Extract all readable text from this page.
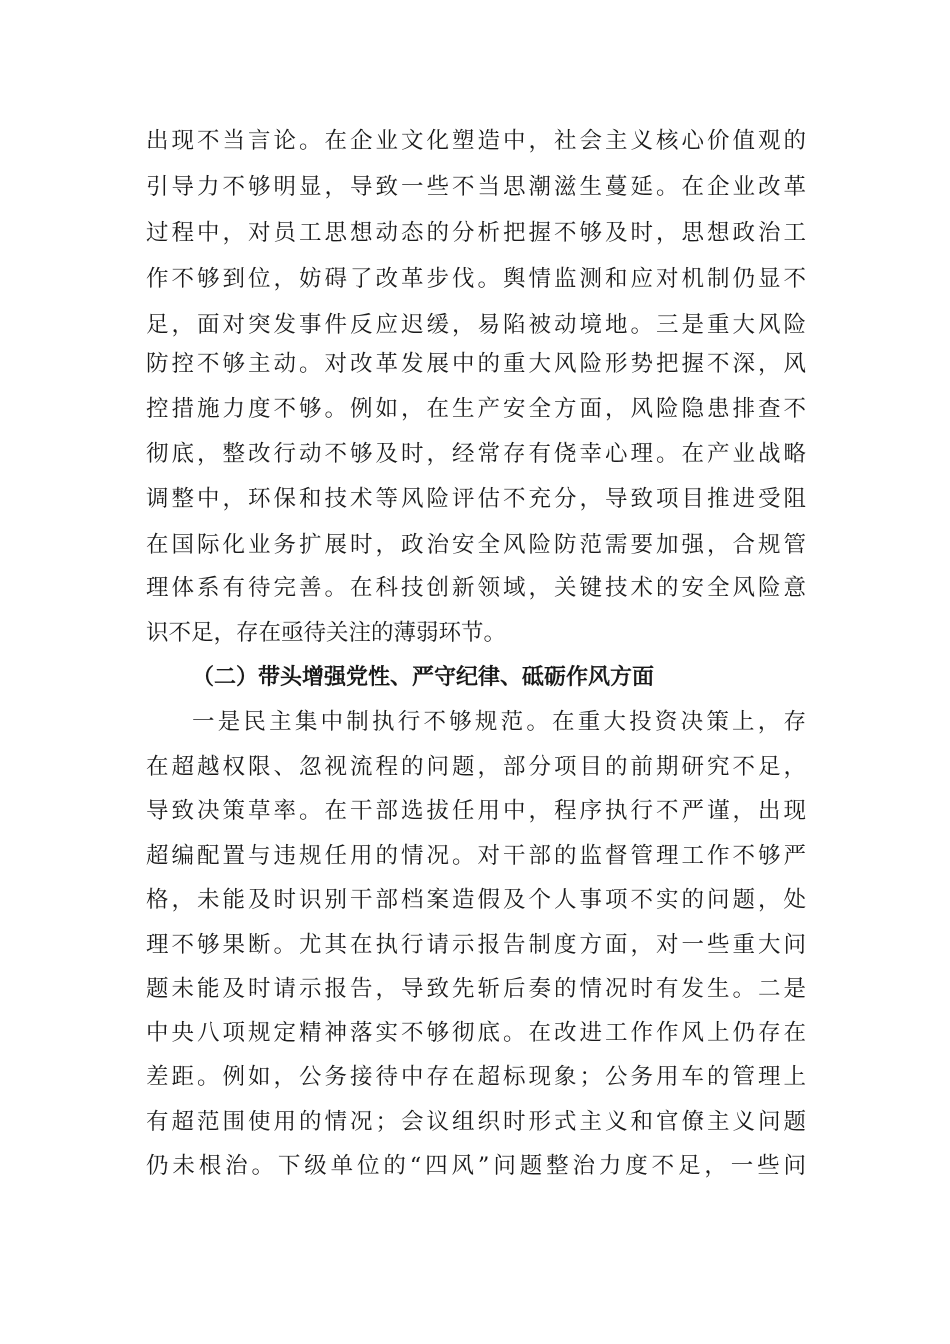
出现不当言论。在企业文化塑造中，社会主义核心价值观的
引导力不够明显，导致一些不当思潮滋生蔓延。在企业改革
过程中，对员工思想动态的分析把握不够及时，思想政治工
作不够到位，妨碍了改革步伐。舆情监测和应对机制仍显不
足，面对突发事件反应迟缓，易陷被动境地。三是重大风险
防控不够主动。对改革发展中的重大风险形势把握不深，风
控措施力度不够。例如，在生产安全方面，风险隐患排查不
彻底，整改行动不够及时，经常存有侥幸心理。在产业战略
调整中，环保和技术等风险评估不充分，导致项目推进受阻
在国际化业务扩展时，政治安全风险防范需要加强，合规管
理体系有待完善。在科技创新领域，关键技术的安全风险意
识不足，存在亟待关注的薄弱环节。
（二）带头增强党性、严守纪律、砥砺作风方面
一是民主集中制执行不够规范。在重大投资决策上，存
在超越权限、忽视流程的问题，部分项目的前期研究不足，
导致决策草率。在干部选拔任用中，程序执行不严谨，出现
超编配置与违规任用的情况。对干部的监督管理工作不够严
格，未能及时识别干部档案造假及个人事项不实的问题，处
理不够果断。尤其在执行请示报告制度方面，对一些重大问
题未能及时请示报告，导致先斩后奏的情况时有发生。二是
中央八项规定精神落实不够彻底。在改进工作作风上仍存在
差距。例如，公务接待中存在超标现象；公务用车的管理上
有超范围使用的情况；会议组织时形式主义和官僚主义问题
仍未根治。下级单位的“四风”问题整治力度不足，一些问
